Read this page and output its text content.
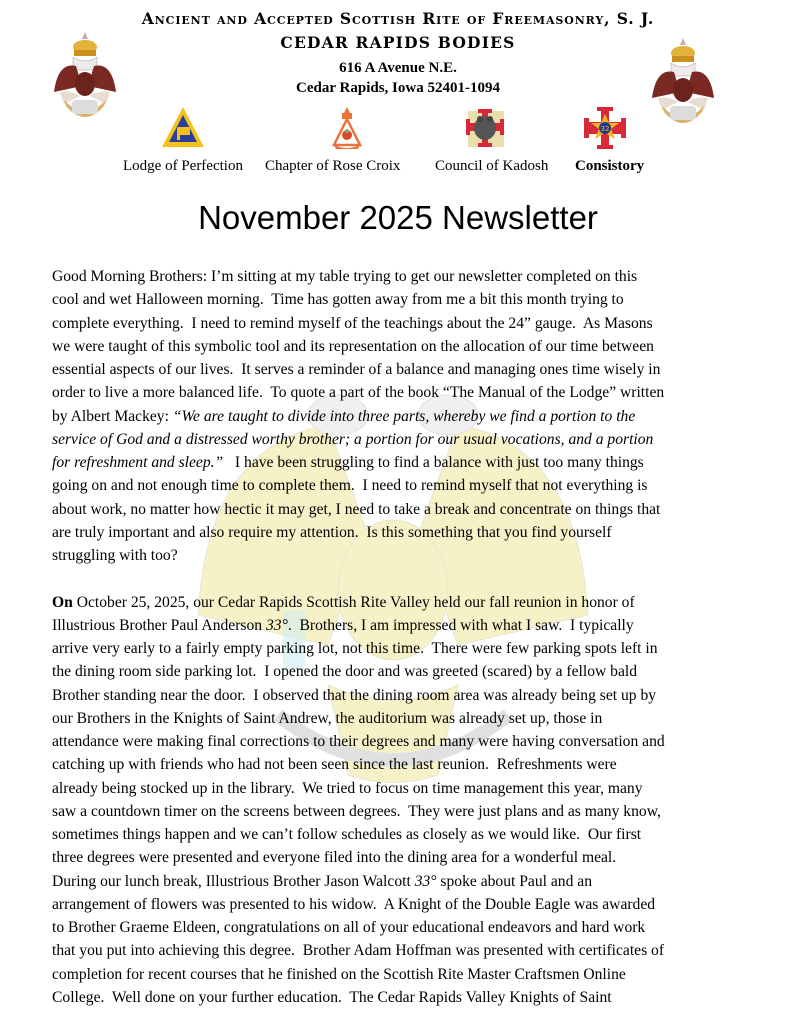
Ancient and Accepted Scottish Rite of Freemasonry, S. J.
CEDAR RAPIDS BODIES
616 A Avenue N.E.
Cedar Rapids, Iowa 52401-1094
32
Lodge of Perfection Chapter of Rose Croix Council of Kadosh Consistory
November 2025 Newsletter

Good Morning Brothers: I’m sitting at my table trying to get our newsletter completed on this
cool and wet Halloween morning.  Time has gotten away from me a bit this month trying to
complete everything.  I need to remind myself of the teachings about the 24” gauge.  As Masons
we were taught of this symbolic tool and its representation on the allocation of our time between
essential aspects of our lives.  It serves a reminder of a balance and managing ones time wisely in
order to live a more balanced life.  To quote a part of the book “The Manual of the Lodge” written
by Albert Mackey: “We are taught to divide into three parts, whereby we find a portion to the
service of God and a distressed worthy brother; a portion for our usual vocations, and a portion
for refreshment and sleep.”   I have been struggling to find a balance with just too many things
going on and not enough time to complete them.  I need to remind myself that not everything is
about work, no matter how hectic it may get, I need to take a break and concentrate on things that
are truly important and also require my attention.  Is this something that you find yourself
struggling with too?

On October 25, 2025, our Cedar Rapids Scottish Rite Valley held our fall reunion in honor of
Illustrious Brother Paul Anderson 33°.  Brothers, I am impressed with what I saw.  I typically
arrive very early to a fairly empty parking lot, not this time.  There were few parking spots left in
the dining room side parking lot.  I opened the door and was greeted (scared) by a fellow bald
Brother standing near the door.  I observed that the dining room area was already being set up by
our Brothers in the Knights of Saint Andrew, the auditorium was already set up, those in
attendance were making final corrections to their degrees and many were having conversation and
catching up with friends who had not been seen since the last reunion.  Refreshments were
already being stocked up in the library.  We tried to focus on time management this year, many
saw a countdown timer on the screens between degrees.  They were just plans and as many know,
sometimes things happen and we can’t follow schedules as closely as we would like.  Our first
three degrees were presented and everyone filed into the dining area for a wonderful meal.
During our lunch break, Illustrious Brother Jason Walcott 33° spoke about Paul and an
arrangement of flowers was presented to his widow.  A Knight of the Double Eagle was awarded
to Brother Graeme Eldeen, congratulations on all of your educational endeavors and hard work
that you put into achieving this degree.  Brother Adam Hoffman was presented with certificates of
completion for recent courses that he finished on the Scottish Rite Master Craftsmen Online
College.  Well done on your further education.  The Cedar Rapids Valley Knights of Saint
